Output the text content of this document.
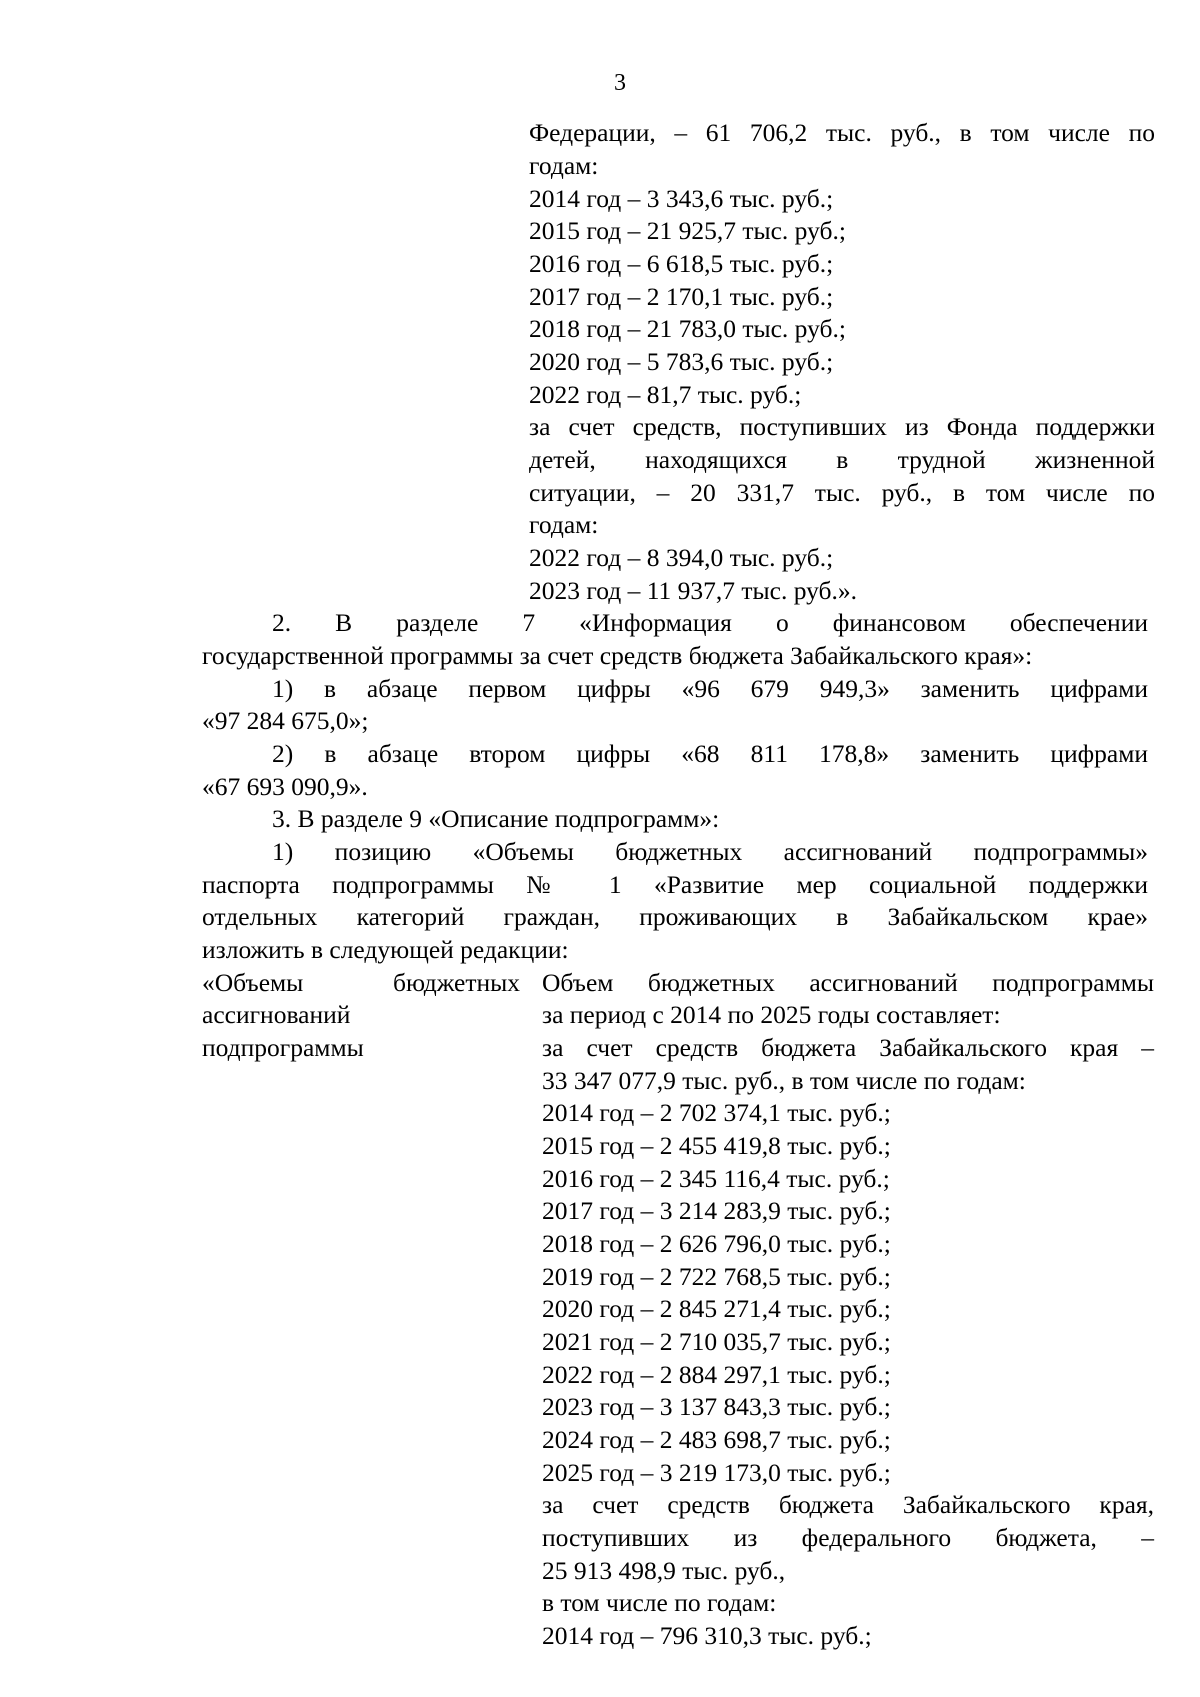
3
Федерации, – 61 706,2 тыс. руб., в том числе по
годам:
2014 год – 3 343,6 тыс. руб.;
2015 год – 21 925,7 тыс. руб.;
2016 год – 6 618,5 тыс. руб.;
2017 год – 2 170,1 тыс. руб.;
2018 год – 21 783,0 тыс. руб.;
2020 год – 5 783,6 тыс. руб.;
2022 год – 81,7 тыс. руб.;
за счет средств, поступивших из Фонда поддержки
детей, находящихся в трудной жизненной
ситуации, – 20 331,7 тыс. руб., в том числе по
годам:
2022 год – 8 394,0 тыс. руб.;
2023 год – 11 937,7 тыс. руб.».
2. В разделе 7 «Информация о финансовом обеспечении
государственной программы за счет средств бюджета Забайкальского края»:
1) в абзаце первом цифры «96 679 949,3» заменить цифрами
«97 284 675,0»;
2) в абзаце втором цифры «68 811 178,8» заменить цифрами
«67 693 090,9».
3. В разделе 9 «Описание подпрограмм»:
1) позицию «Объемы бюджетных ассигнований подпрограммы»
паспорта подпрограммы № 1 «Развитие мер социальной поддержки
отдельных категорий граждан, проживающих в Забайкальском крае»
изложить в следующей редакции:
«Объемы бюджетных
ассигнований
подпрограммы
Объем бюджетных ассигнований подпрограммы
за период с 2014 по 2025 годы составляет:
за счет средств бюджета Забайкальского края –
33 347 077,9 тыс. руб., в том числе по годам:
2014 год – 2 702 374,1 тыс. руб.;
2015 год – 2 455 419,8 тыс. руб.;
2016 год – 2 345 116,4 тыс. руб.;
2017 год – 3 214 283,9 тыс. руб.;
2018 год – 2 626 796,0 тыс. руб.;
2019 год – 2 722 768,5 тыс. руб.;
2020 год – 2 845 271,4 тыс. руб.;
2021 год – 2 710 035,7 тыс. руб.;
2022 год – 2 884 297,1 тыс. руб.;
2023 год – 3 137 843,3 тыс. руб.;
2024 год – 2 483 698,7 тыс. руб.;
2025 год – 3 219 173,0 тыс. руб.;
за счет средств бюджета Забайкальского края,
поступивших из федерального бюджета, –
25 913 498,9 тыс. руб.,
в том числе по годам:
2014 год – 796 310,3 тыс. руб.;
